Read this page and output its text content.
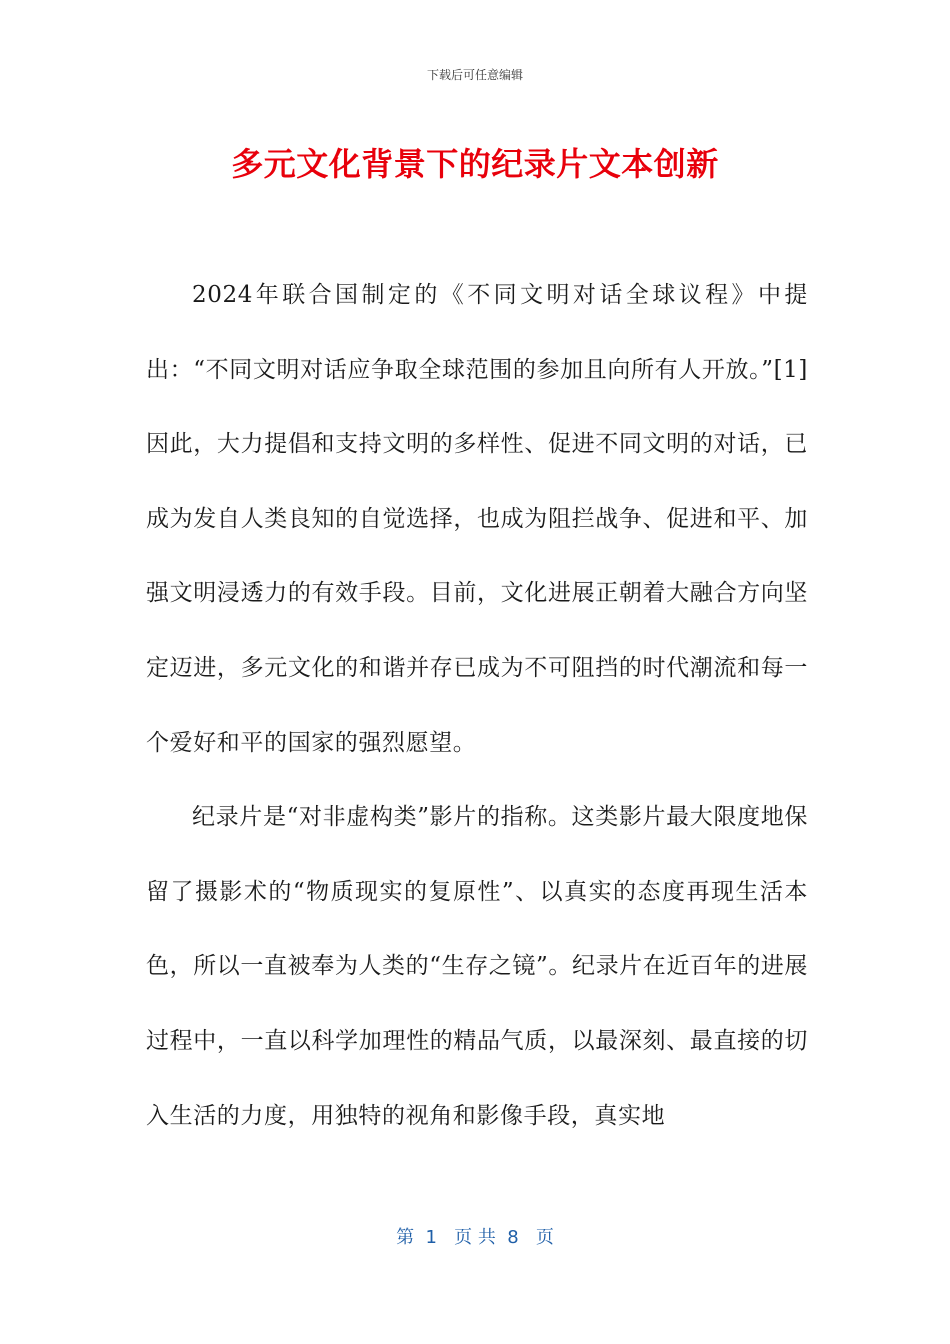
下载后可任意编辑
多元文化背景下的纪录片文本创新

2024年联合国制定的《不同文明对话全球议程》中提出：“不同文明对话应争取全球范围的参加且向所有人开放。”[1]因此，大力提倡和支持文明的多样性、促进不同文明的对话，已成为发自人类良知的自觉选择，也成为阻拦战争、促进和平、加强文明浸透力的有效手段。目前，文化进展正朝着大融合方向坚定迈进，多元文化的和谐并存已成为不可阻挡的时代潮流和每一个爱好和平的国家的强烈愿望。

纪录片是“对非虚构类”影片的指称。这类影片最大限度地保留了摄影术的“物质现实的复原性”、以真实的态度再现生活本色，所以一直被奉为人类的“生存之镜”。纪录片在近百年的进展过程中，一直以科学加理性的精品气质，以最深刻、最直接的切入生活的力度，用独特的视角和影像手段，真实地

第  1   页 共  8   页
